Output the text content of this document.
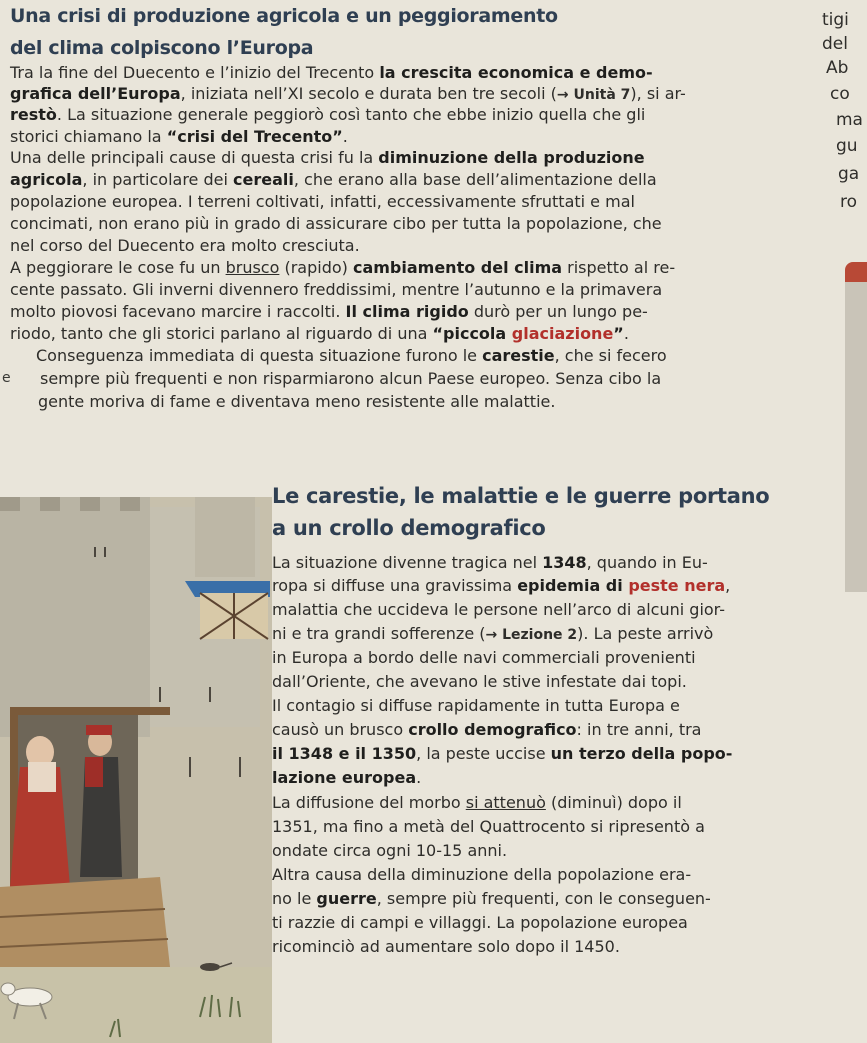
Una crisi di produzione agricola e un peggioramento
del clima colpiscono l’Europa
Tra la fine del Duecento e l’inizio del Trecento la crescita economica e demo-
grafica dell’Europa, iniziata nell’XI secolo e durata ben tre secoli (→ Unità 7), si ar-
restò. La situazione generale peggiorò così tanto che ebbe inizio quella che gli
storici chiamano la “crisi del Trecento”.
Una delle principali cause di questa crisi fu la diminuzione della produzione
agricola, in particolare dei cereali, che erano alla base dell’alimentazione della
popolazione europea. I terreni coltivati, infatti, eccessivamente sfruttati e mal
concimati, non erano più in grado di assicurare cibo per tutta la popolazione, che
nel corso del Duecento era molto cresciuta.
A peggiorare le cose fu un brusco (rapido) cambiamento del clima rispetto al re-
cente passato. Gli inverni divennero freddissimi, mentre l’autunno e la primavera
molto piovosi facevano marcire i raccolti. Il clima rigido durò per un lungo pe-
riodo, tanto che gli storici parlano al riguardo di una “piccola glaciazione”.
Conseguenza immediata di questa situazione furono le carestie, che si fecero
sempre più frequenti e non risparmiarono alcun Paese europeo. Senza cibo la
gente moriva di fame e diventava meno resistente alle malattie.
e
tigi
del
Ab
co
ma
gu
ga
ro
Le carestie, le malattie e le guerre portano
a un crollo demografico
La situazione divenne tragica nel 1348, quando in Eu-
ropa si diffuse una gravissima epidemia di peste nera,
malattia che uccideva le persone nell’arco di alcuni gior-
ni e tra grandi sofferenze (→ Lezione 2). La peste arrivò
in Europa a bordo delle navi commerciali provenienti
dall’Oriente, che avevano le stive infestate dai topi.
Il contagio si diffuse rapidamente in tutta Europa e
causò un brusco crollo demografico: in tre anni, tra
il 1348 e il 1350, la peste uccise un terzo della popo-
lazione europea.
La diffusione del morbo si attenuò (diminuì) dopo il
1351, ma fino a metà del Quattrocento si ripresentò a
ondate circa ogni 10-15 anni.
Altra causa della diminuzione della popolazione era-
no le guerre, sempre più frequenti, con le conseguen-
ti razzie di campi e villaggi. La popolazione europea
ricominciò ad aumentare solo dopo il 1450.
